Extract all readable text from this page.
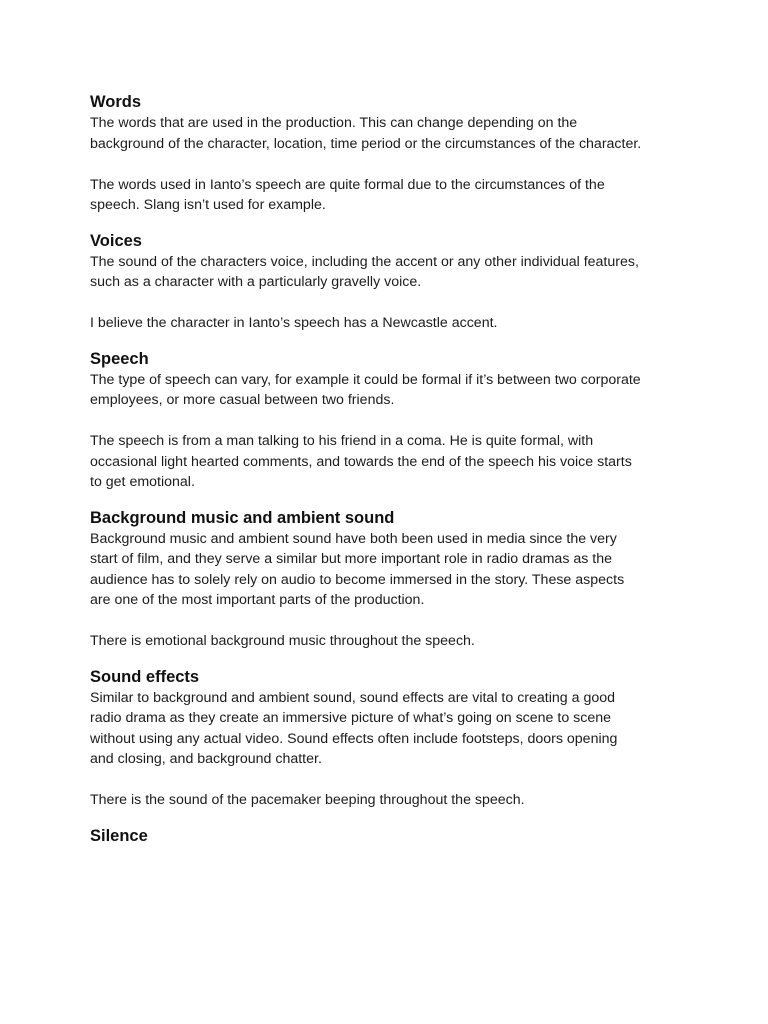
Words

The words that are used in the production. This can change depending on the
background of the character, location, time period or the circumstances of the character.

The words used in Ianto’s speech are quite formal due to the circumstances of the
speech. Slang isn’t used for example.

Voices

The sound of the characters voice, including the accent or any other individual features,
such as a character with a particularly gravelly voice.

I believe the character in Ianto’s speech has a Newcastle accent.

Speech

The type of speech can vary, for example it could be formal if it’s between two corporate
employees, or more casual between two friends.

The speech is from a man talking to his friend in a coma. He is quite formal, with
occasional light hearted comments, and towards the end of the speech his voice starts
to get emotional.

Background music and ambient sound

Background music and ambient sound have both been used in media since the very
start of film, and they serve a similar but more important role in radio dramas as the
audience has to solely rely on audio to become immersed in the story. These aspects
are one of the most important parts of the production.

There is emotional background music throughout the speech.

Sound effects

Similar to background and ambient sound, sound effects are vital to creating a good
radio drama as they create an immersive picture of what’s going on scene to scene
without using any actual video. Sound effects often include footsteps, doors opening
and closing, and background chatter.

There is the sound of the pacemaker beeping throughout the speech.

Silence
